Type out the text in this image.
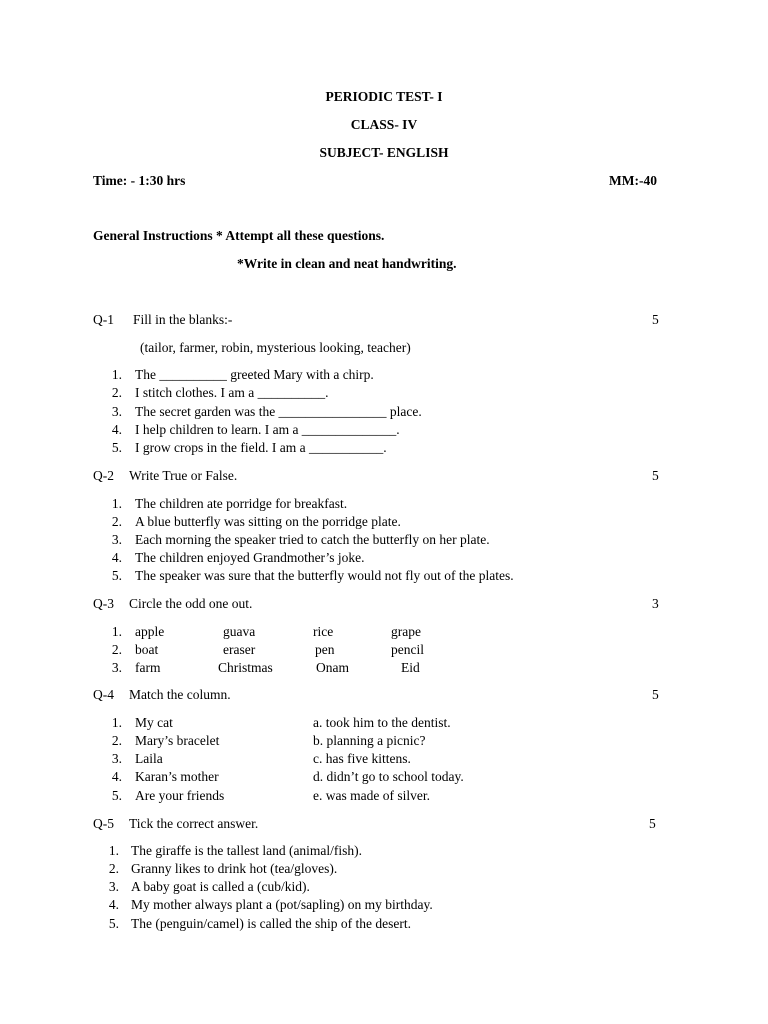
PERIODIC TEST- I
CLASS- IV
SUBJECT- ENGLISH
Time: - 1:30 hrs	MM:-40
General Instructions * Attempt all these questions.
*Write in clean and neat handwriting.
Q-1 Fill in the blanks:-	5
(tailor, farmer, robin, mysterious looking, teacher)
1. The __________ greeted Mary with a chirp.
2. I stitch clothes. I am a __________.
3. The secret garden was the ________________ place.
4. I help children to learn. I am a ______________.
5. I grow crops in the field. I am a ___________.
Q-2 Write True or False.	5
1. The children ate porridge for breakfast.
2. A blue butterfly was sitting on the porridge plate.
3. Each morning the speaker tried to catch the butterfly on her plate.
4. The children enjoyed Grandmother’s joke.
5. The speaker was sure that the butterfly would not fly out of the plates.
Q-3 Circle the odd one out.	3
1. apple	guava	rice	grape
2. boat	eraser	pen	pencil
3. farm	Christmas	Onam	Eid
Q-4 Match the column.	5
1. My cat	a. took him to the dentist.
2. Mary’s bracelet	b. planning a picnic?
3. Laila	c. has five kittens.
4. Karan’s mother	d. didn’t go to school today.
5. Are your friends	e. was made of silver.
Q-5 Tick the correct answer.	5
1. The giraffe is the tallest land (animal/fish).
2. Granny likes to drink hot (tea/gloves).
3. A baby goat is called a (cub/kid).
4. My mother always plant a (pot/sapling) on my birthday.
5. The (penguin/camel) is called the ship of the desert.
